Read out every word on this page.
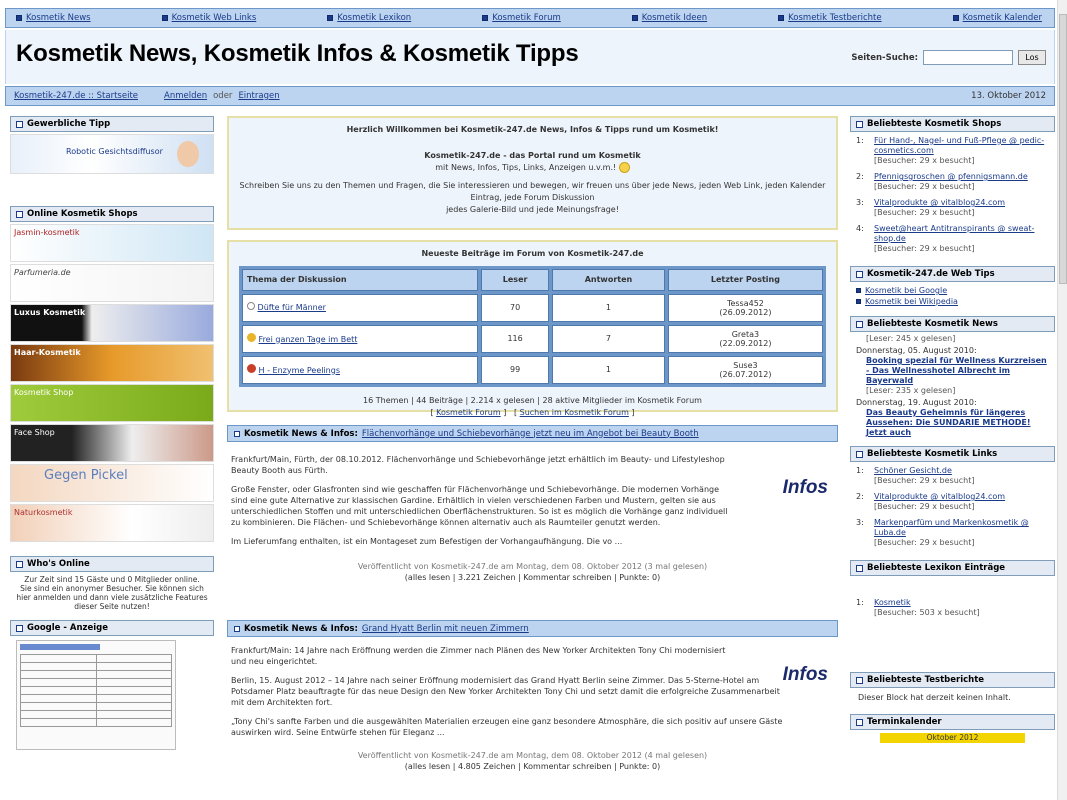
Kosmetik News	Kosmetik Web Links	Kosmetik Lexikon	Kosmetik Forum	Kosmetik Ideen	Kosmetik Testberichte	Kosmetik Kalender
Kosmetik News, Kosmetik Infos & Kosmetik Tipps	Seiten-Suche:	Los
Kosmetik-247.de :: Startseite	Anmelden oder Eintragen	13. Oktober 2012
Gewerbliche Tipp
Robotic Gesichtsdiffusor
Online Kosmetik Shops
Jasmin-kosmetik
Parfumeria.de
Luxus Kosmetik
Haar-Kosmetik
Kosmetik Shop
Face Shop
Gegen Pickel
Naturkosmetik
Who's Online
Zur Zeit sind 15 Gäste und 0 Mitglieder online.
Sie sind ein anonymer Besucher. Sie können sich hier anmelden und dann viele zusätzliche Features dieser Seite nutzen!
Google - Anzeige

Herzlich Willkommen bei Kosmetik-247.de News, Infos & Tipps rund um Kosmetik!
Kosmetik-247.de - das Portal rund um Kosmetik
mit News, Infos, Tips, Links, Anzeigen u.v.m.!
Schreiben Sie uns zu den Themen und Fragen, die Sie interessieren und bewegen, wir freuen uns über jede News, jeden Web Link, jeden Kalender Eintrag, jede Forum Diskussion
jedes Galerie-Bild und jede Meinungsfrage!
Neueste Beiträge im Forum von Kosmetik-247.de
Thema der Diskussion	Leser	Antworten	Letzter Posting
Düfte für Männer	70	1	Tessa452
(26.09.2012)

Frei ganzen Tage im Bett	116	7	Greta3
(22.09.2012)

H - Enzyme Peelings	99	1	Suse3
(26.07.2012)
16 Themen | 44 Beiträge | 2.214 x gelesen | 28 aktive Mitglieder im Kosmetik Forum
[ Kosmetik Forum ]   [ Suchen im Kosmetik Forum ]
Kosmetik News & Infos: Flächenvorhänge und Schiebevorhänge jetzt neu im Angebot bei Beauty Booth
Infos

Frankfurt/Main, Fürth, der 08.10.2012. Flächenvorhänge und Schiebevorhänge jetzt erhältlich im Beauty- und Lifestyleshop Beauty Booth aus Fürth.

Große Fenster, oder Glasfronten sind wie geschaffen für Flächenvorhänge und Schiebevorhänge. Die modernen Vorhänge sind eine gute Alternative zur klassischen Gardine. Erhältlich in vielen verschiedenen Farben und Mustern, gelten sie aus unterschiedlichen Stoffen und mit unterschiedlichen Oberflächenstrukturen. So ist es möglich die Vorhänge ganz individuell zu kombinieren. Die Flächen- und Schiebevorhänge können alternativ auch als Raumteiler genutzt werden.

Im Lieferumfang enthalten, ist ein Montageset zum Befestigen der Vorhangaufhängung. Die vo ...

Veröffentlicht von Kosmetik-247.de am Montag, dem 08. Oktober 2012 (3 mal gelesen)
(alles lesen | 3.221 Zeichen | Kommentar schreiben | Punkte: 0)
Kosmetik News & Infos: Grand Hyatt Berlin mit neuen Zimmern
Infos

Frankfurt/Main: 14 Jahre nach Eröffnung werden die Zimmer nach Plänen des New Yorker Architekten Tony Chi modernisiert und neu eingerichtet.

Berlin, 15. August 2012 – 14 Jahre nach seiner Eröffnung modernisiert das Grand Hyatt Berlin seine Zimmer. Das 5-Sterne-Hotel am Potsdamer Platz beauftragte für das neue Design den New Yorker Architekten Tony Chi und setzt damit die erfolgreiche Zusammenarbeit mit dem Architekten fort.

„Tony Chi's sanfte Farben und die ausgewählten Materialien erzeugen eine ganz besondere Atmosphäre, die sich positiv auf unsere Gäste auswirken wird. Seine Entwürfe stehen für Eleganz ...

Veröffentlicht von Kosmetik-247.de am Montag, dem 08. Oktober 2012 (4 mal gelesen)
(alles lesen | 4.805 Zeichen | Kommentar schreiben | Punkte: 0)
Beliebteste Kosmetik Shops
1:	Für Hand-, Nagel- und Fuß-Pflege @ pedic-cosmetics.com
[Besucher: 29 x besucht]
2:	Pfennigsgroschen @ pfennigsmann.de
[Besucher: 29 x besucht]
3:	Vitalprodukte @ vitalblog24.com
[Besucher: 29 x besucht]
4:	Sweet@heart Antitranspirants @ sweat-shop.de
[Besucher: 29 x besucht]
Kosmetik-247.de Web Tips
Kosmetik bei Google
Kosmetik bei Wikipedia
Beliebteste Kosmetik News
[Leser: 245 x gelesen]
Donnerstag, 05. August 2010:
Booking spezial für Wellness Kurzreisen - Das Wellnesshotel Albrecht im Bayerwald
[Leser: 235 x gelesen]
Donnerstag, 19. August 2010:
Das Beauty Geheimnis für längeres Aussehen: Die SUNDARIE METHODE! Jetzt auch
Beliebteste Kosmetik Links
1:	Schöner Gesicht.de
[Besucher: 29 x besucht]
2:	Vitalprodukte @ vitalblog24.com
[Besucher: 29 x besucht]
3:	Markenparfüm und Markenkosmetik @ Luba.de
[Besucher: 29 x besucht]
Beliebteste Lexikon Einträge
1:	Kosmetik
[Besucher: 503 x besucht]
Beliebteste Testberichte
Dieser Block hat derzeit keinen Inhalt.
Terminkalender
Oktober 2012
